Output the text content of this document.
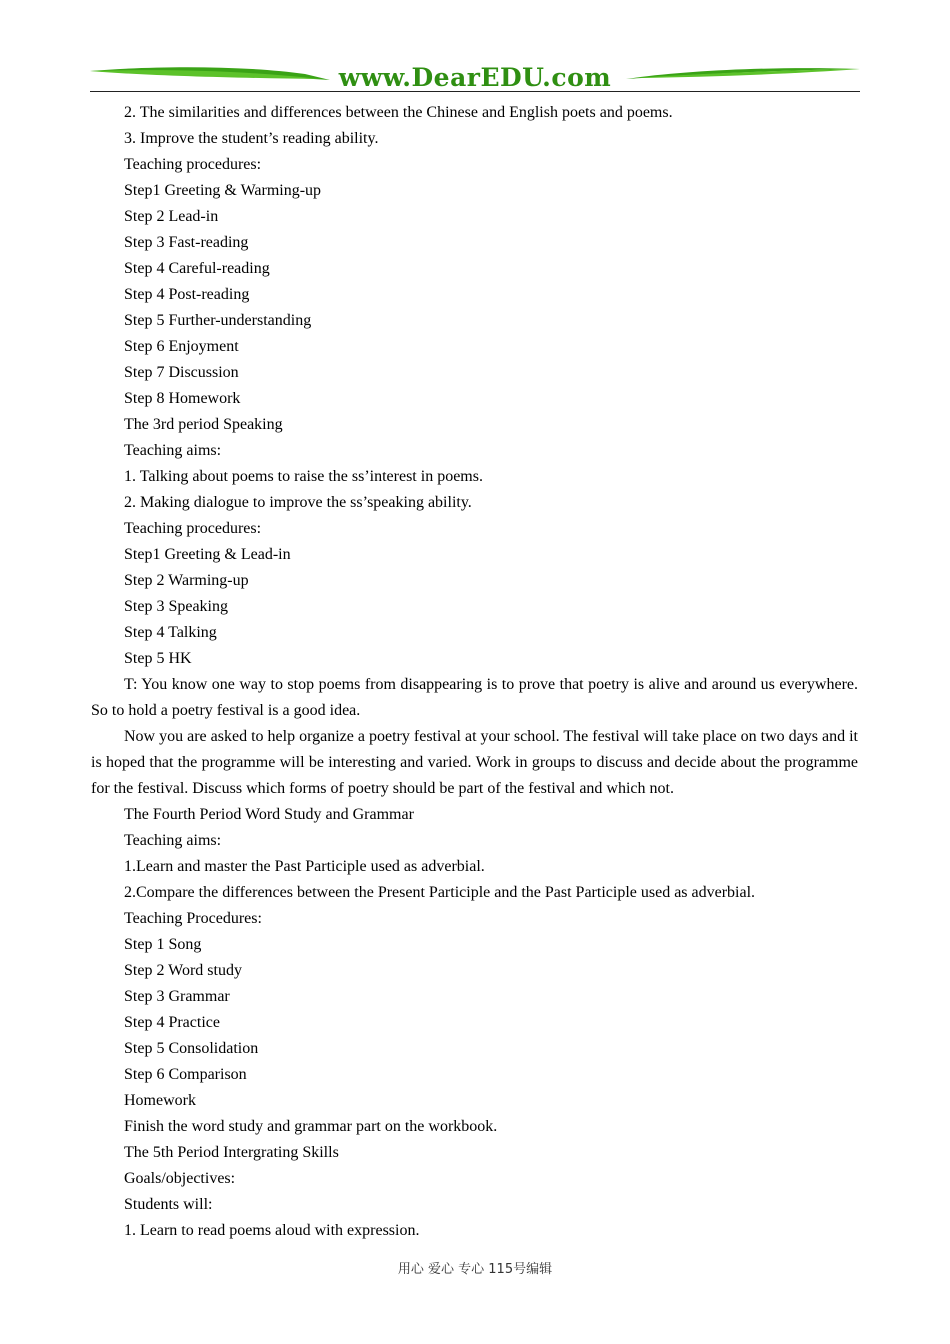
www.DearEDU.com
2. The similarities and differences between the Chinese and English poets and poems.
3. Improve the student’s reading ability.
Teaching procedures:
Step1 Greeting & Warming-up
Step 2 Lead-in
Step 3 Fast-reading
Step 4 Careful-reading
Step 4 Post-reading
Step 5 Further-understanding
Step 6 Enjoyment
Step 7 Discussion
Step 8 Homework
The 3rd period Speaking
Teaching aims:
1. Talking about poems to raise the ss’interest in poems.
2. Making dialogue to improve the ss’speaking ability.
Teaching procedures:
Step1 Greeting & Lead-in
Step 2 Warming-up
Step 3 Speaking
Step 4 Talking
Step 5 HK
T: You know one way to stop poems from disappearing is to prove that poetry is alive and around us everywhere. So to hold a poetry festival is a good idea.
Now you are asked to help organize a poetry festival at your school. The festival will take place on two days and it is hoped that the programme will be interesting and varied. Work in groups to discuss and decide about the programme for the festival. Discuss which forms of poetry should be part of the festival and which not.
The Fourth Period Word Study and Grammar
Teaching aims:
1.Learn and master the Past Participle used as adverbial.
2.Compare the differences between the Present Participle and the Past Participle used as adverbial.
Teaching Procedures:
Step 1 Song
Step 2 Word study
Step 3 Grammar
Step 4 Practice
Step 5 Consolidation
Step 6 Comparison
Homework
Finish the word study and grammar part on the workbook.
The 5th Period Intergrating Skills
Goals/objectives:
Students will:
1. Learn to read poems aloud with expression.
用心 爱心 专心 115号编辑
